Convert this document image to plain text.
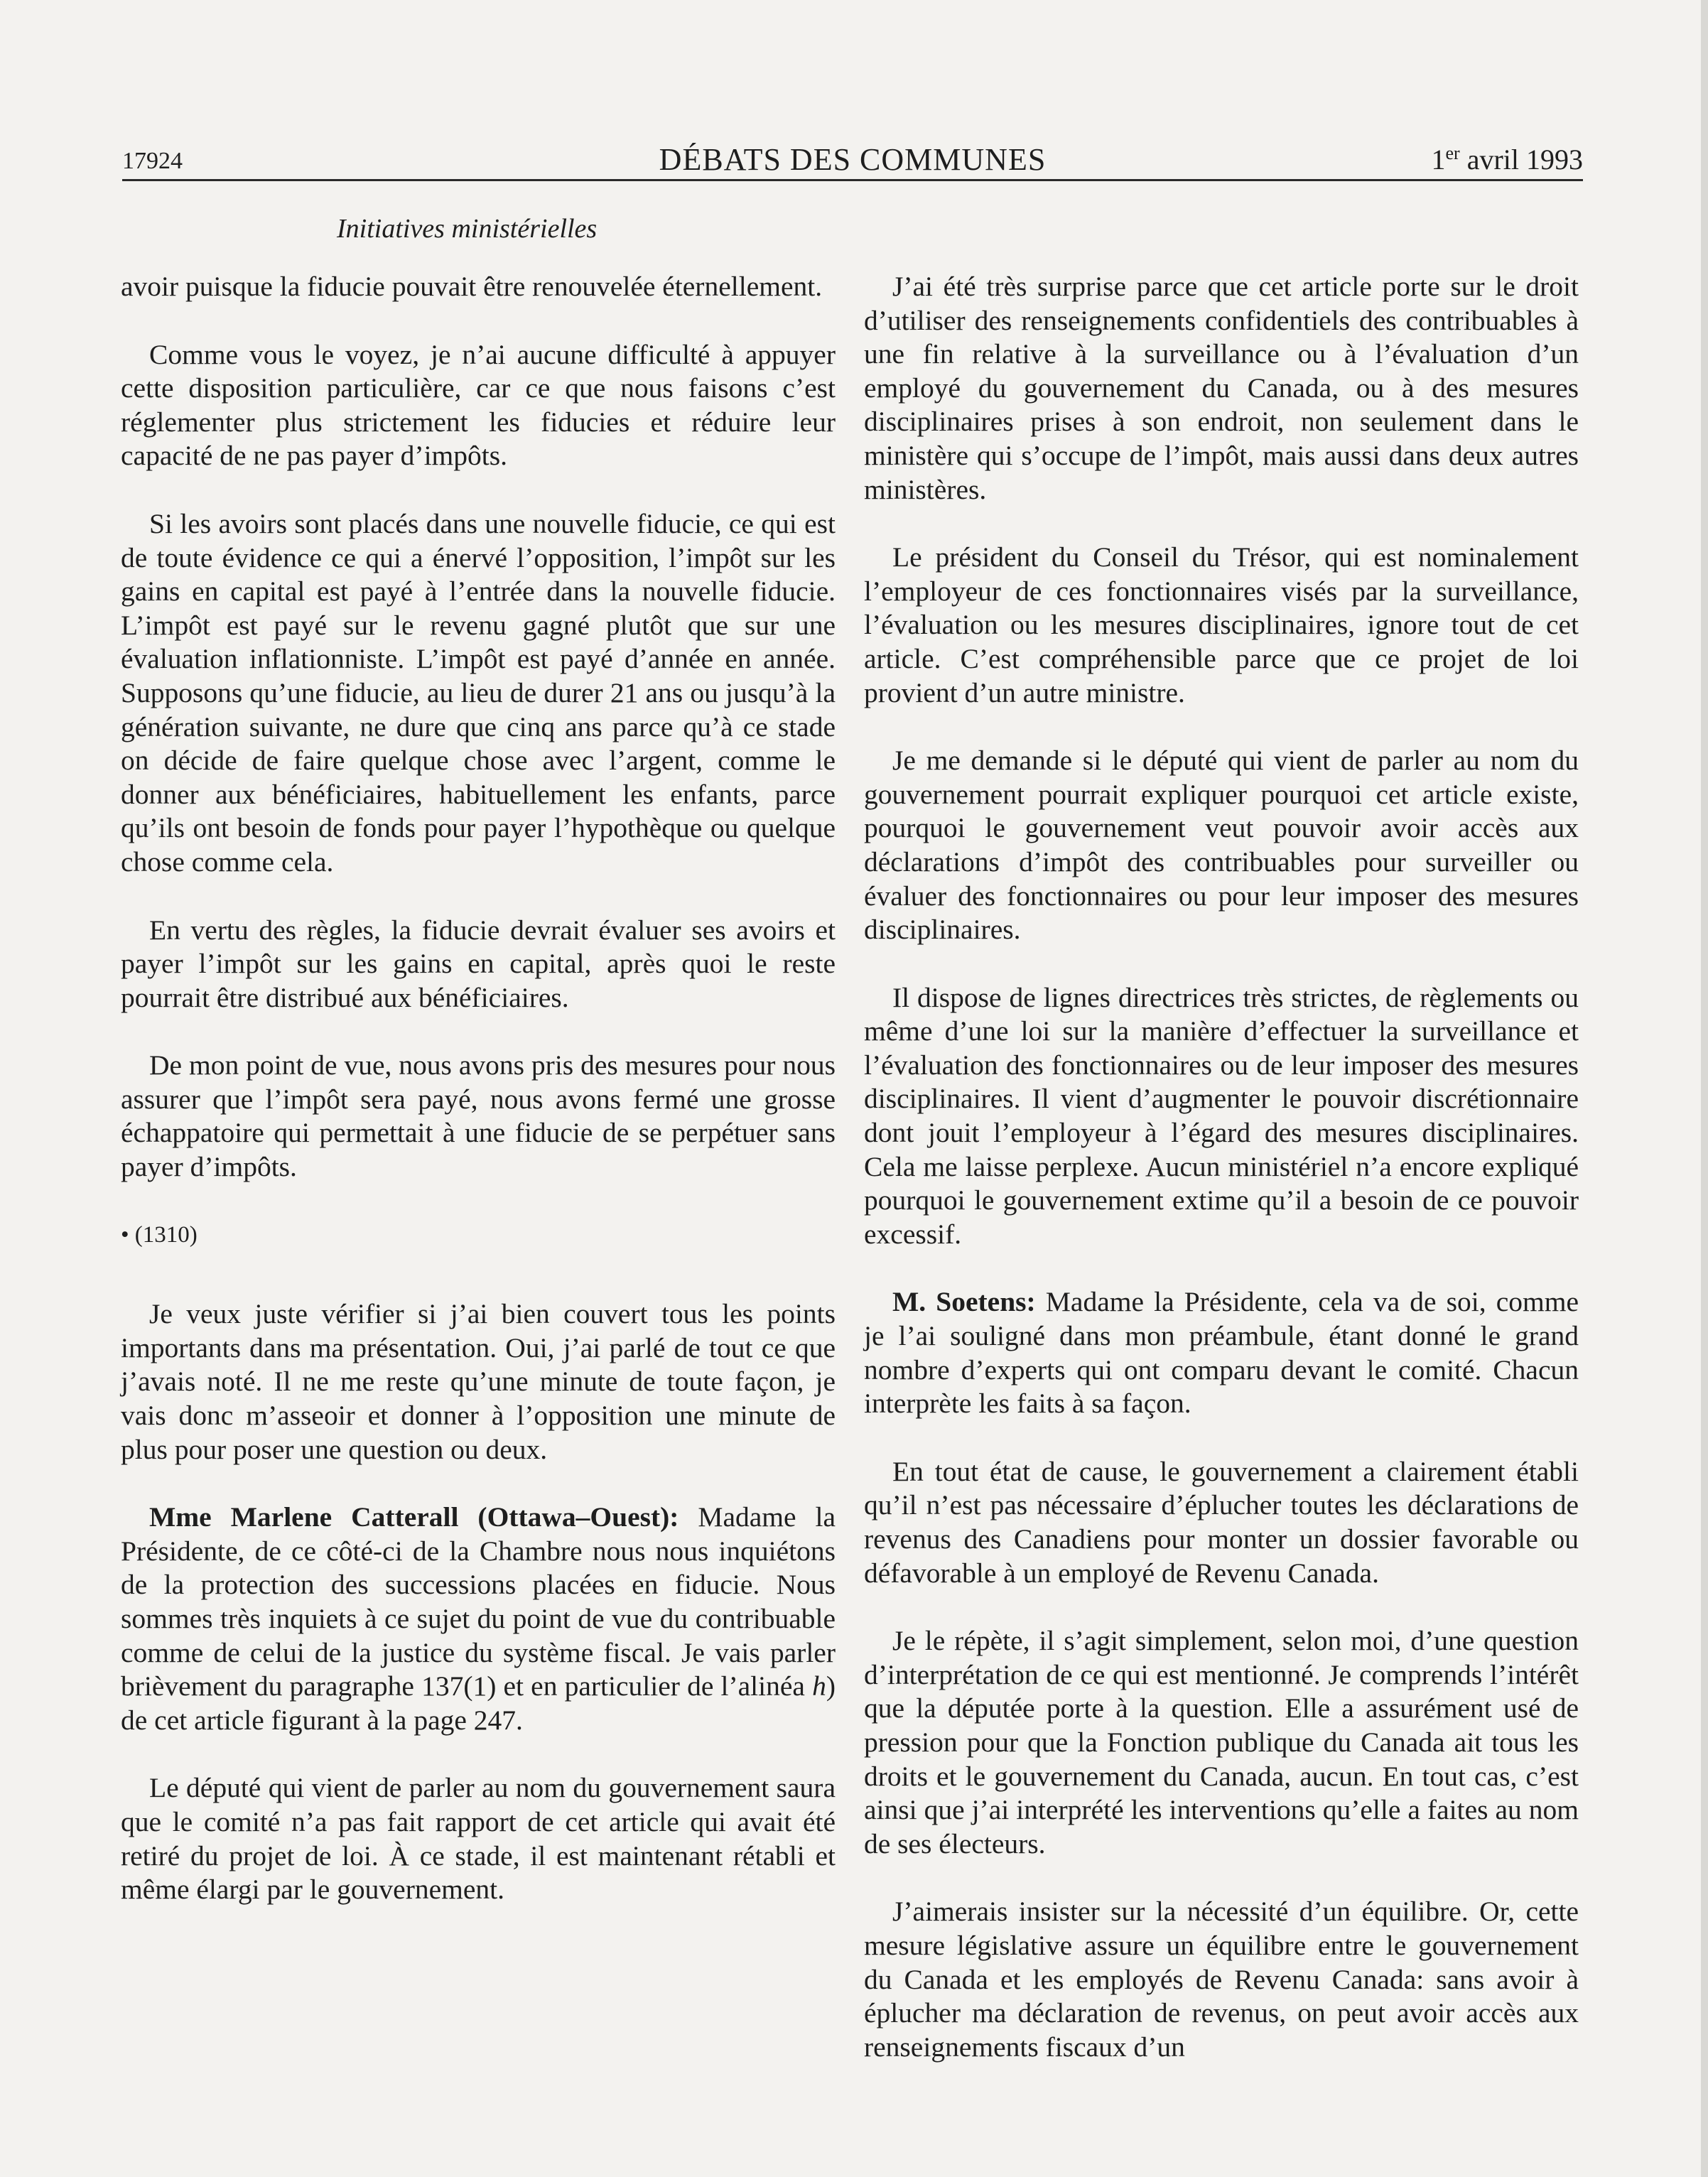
17924	DÉBATS DES COMMUNES	1er avril 1993
Initiatives ministérielles

avoir puisque la fiducie pouvait être renouvelée éternellement.

Comme vous le voyez, je n’ai aucune difficulté à appuyer cette disposition particulière, car ce que nous faisons c’est réglementer plus strictement les fiducies et réduire leur capacité de ne pas payer d’impôts.

Si les avoirs sont placés dans une nouvelle fiducie, ce qui est de toute évidence ce qui a énervé l’opposition, l’impôt sur les gains en capital est payé à l’entrée dans la nouvelle fiducie. L’impôt est payé sur le revenu gagné plutôt que sur une évaluation inflationniste. L’impôt est payé d’année en année. Supposons qu’une fiducie, au lieu de durer 21 ans ou jusqu’à la génération suivante, ne dure que cinq ans parce qu’à ce stade on décide de faire quelque chose avec l’argent, comme le donner aux bénéficiaires, habituellement les enfants, parce qu’ils ont besoin de fonds pour payer l’hypothèque ou quelque chose comme cela.

En vertu des règles, la fiducie devrait évaluer ses avoirs et payer l’impôt sur les gains en capital, après quoi le reste pourrait être distribué aux bénéficiaires.

De mon point de vue, nous avons pris des mesures pour nous assurer que l’impôt sera payé, nous avons fermé une grosse échappatoire qui permettait à une fiducie de se perpétuer sans payer d’impôts.

• (1310)

Je veux juste vérifier si j’ai bien couvert tous les points importants dans ma présentation. Oui, j’ai parlé de tout ce que j’avais noté. Il ne me reste qu’une minute de toute façon, je vais donc m’asseoir et donner à l’opposition une minute de plus pour poser une question ou deux.

Mme Marlene Catterall (Ottawa–Ouest): Madame la Présidente, de ce côté-ci de la Chambre nous nous inquiétons de la protection des successions placées en fiducie. Nous sommes très inquiets à ce sujet du point de vue du contribuable comme de celui de la justice du système fiscal. Je vais parler brièvement du paragraphe 137(1) et en particulier de l’alinéa h) de cet article figurant à la page 247.

Le député qui vient de parler au nom du gouvernement saura que le comité n’a pas fait rapport de cet article qui avait été retiré du projet de loi. À ce stade, il est maintenant rétabli et même élargi par le gouvernement.

J’ai été très surprise parce que cet article porte sur le droit d’utiliser des renseignements confidentiels des contribuables à une fin relative à la surveillance ou à l’évaluation d’un employé du gouvernement du Canada, ou à des mesures disciplinaires prises à son endroit, non seulement dans le ministère qui s’occupe de l’impôt, mais aussi dans deux autres ministères.

Le président du Conseil du Trésor, qui est nominalement l’employeur de ces fonctionnaires visés par la surveillance, l’évaluation ou les mesures disciplinaires, ignore tout de cet article. C’est compréhensible parce que ce projet de loi provient d’un autre ministre.

Je me demande si le député qui vient de parler au nom du gouvernement pourrait expliquer pourquoi cet article existe, pourquoi le gouvernement veut pouvoir avoir accès aux déclarations d’impôt des contribuables pour surveiller ou évaluer des fonctionnaires ou pour leur imposer des mesures disciplinaires.

Il dispose de lignes directrices très strictes, de règlements ou même d’une loi sur la manière d’effectuer la surveillance et l’évaluation des fonctionnaires ou de leur imposer des mesures disciplinaires. Il vient d’augmenter le pouvoir discrétionnaire dont jouit l’employeur à l’égard des mesures disciplinaires. Cela me laisse perplexe. Aucun ministériel n’a encore expliqué pourquoi le gouvernement extime qu’il a besoin de ce pouvoir excessif.

M. Soetens: Madame la Présidente, cela va de soi, comme je l’ai souligné dans mon préambule, étant donné le grand nombre d’experts qui ont comparu devant le comité. Chacun interprète les faits à sa façon.

En tout état de cause, le gouvernement a clairement établi qu’il n’est pas nécessaire d’éplucher toutes les déclarations de revenus des Canadiens pour monter un dossier favorable ou défavorable à un employé de Revenu Canada.

Je le répète, il s’agit simplement, selon moi, d’une question d’interprétation de ce qui est mentionné. Je comprends l’intérêt que la députée porte à la question. Elle a assurément usé de pression pour que la Fonction publique du Canada ait tous les droits et le gouvernement du Canada, aucun. En tout cas, c’est ainsi que j’ai interprété les interventions qu’elle a faites au nom de ses électeurs.

J’aimerais insister sur la nécessité d’un équilibre. Or, cette mesure législative assure un équilibre entre le gouvernement du Canada et les employés de Revenu Canada: sans avoir à éplucher ma déclaration de revenus, on peut avoir accès aux renseignements fiscaux d’un
